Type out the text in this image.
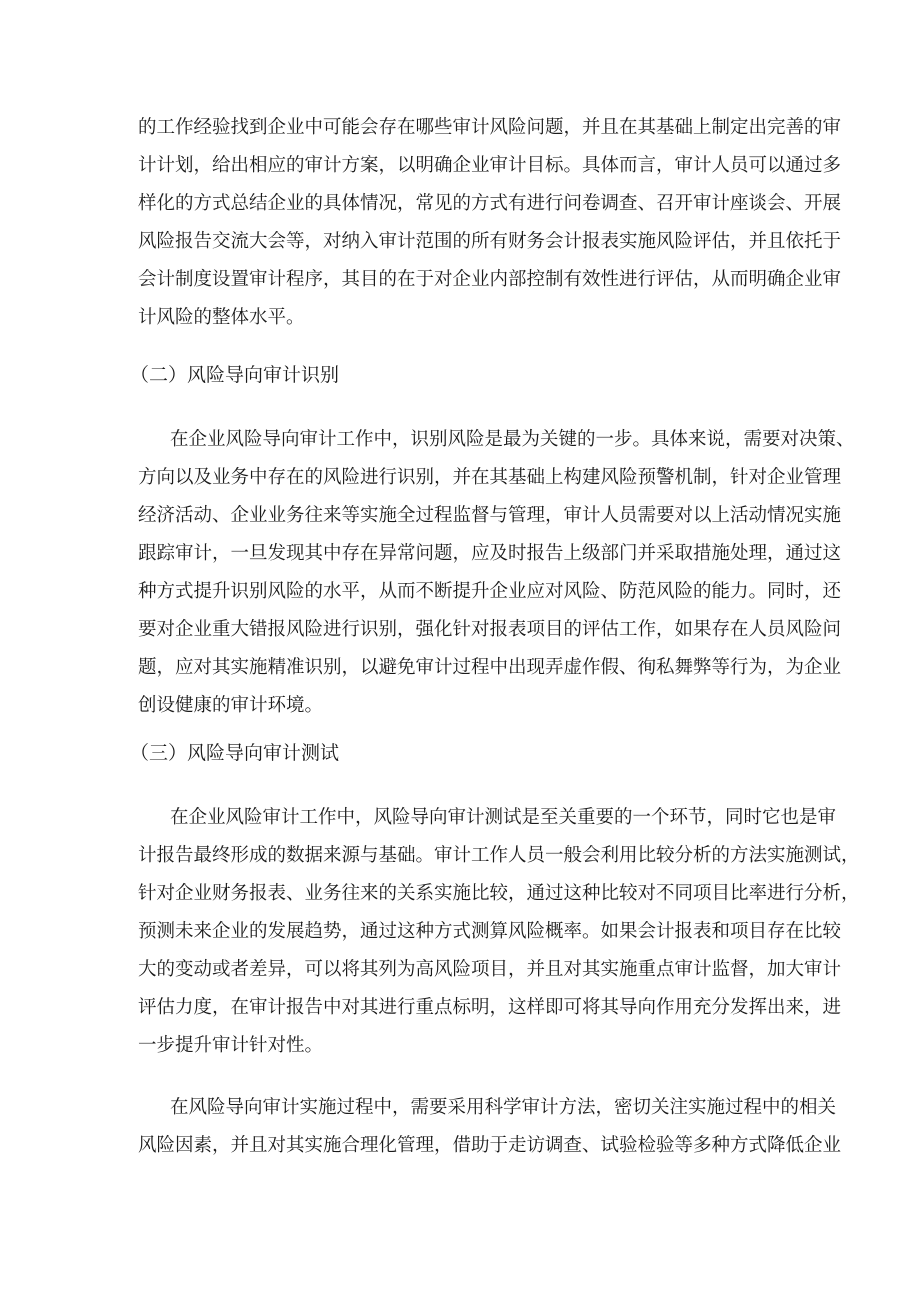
的工作经验找到企业中可能会存在哪些审计风险问题，并且在其基础上制定出完善的审
计计划，给出相应的审计方案，以明确企业审计目标。具体而言，审计人员可以通过多
样化的方式总结企业的具体情况，常见的方式有进行问卷调查、召开审计座谈会、开展
风险报告交流大会等，对纳入审计范围的所有财务会计报表实施风险评估，并且依托于
会计制度设置审计程序，其目的在于对企业内部控制有效性进行评估，从而明确企业审
计风险的整体水平。
（二）风险导向审计识别
在企业风险导向审计工作中，识别风险是最为关键的一步。具体来说，需要对决策、
方向以及业务中存在的风险进行识别，并在其基础上构建风险预警机制，针对企业管理
经济活动、企业业务往来等实施全过程监督与管理，审计人员需要对以上活动情况实施
跟踪审计，一旦发现其中存在异常问题，应及时报告上级部门并采取措施处理，通过这
种方式提升识别风险的水平，从而不断提升企业应对风险、防范风险的能力。同时，还
要对企业重大错报风险进行识别，强化针对报表项目的评估工作，如果存在人员风险问
题，应对其实施精准识别，以避免审计过程中出现弄虚作假、徇私舞弊等行为，为企业
创设健康的审计环境。
（三）风险导向审计测试
在企业风险审计工作中，风险导向审计测试是至关重要的一个环节，同时它也是审
计报告最终形成的数据来源与基础。审计工作人员一般会利用比较分析的方法实施测试，
针对企业财务报表、业务往来的关系实施比较，通过这种比较对不同项目比率进行分析，
预测未来企业的发展趋势，通过这种方式测算风险概率。如果会计报表和项目存在比较
大的变动或者差异，可以将其列为高风险项目，并且对其实施重点审计监督，加大审计
评估力度，在审计报告中对其进行重点标明，这样即可将其导向作用充分发挥出来，进
一步提升审计针对性。
在风险导向审计实施过程中，需要采用科学审计方法，密切关注实施过程中的相关
风险因素，并且对其实施合理化管理，借助于走访调查、试验检验等多种方式降低企业
